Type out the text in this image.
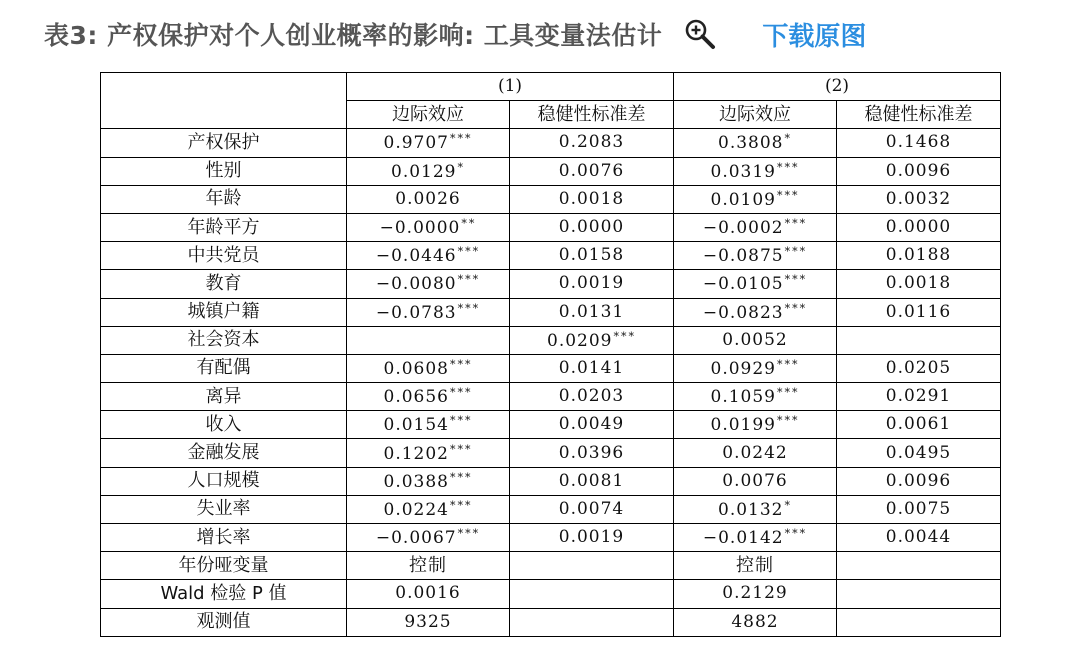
表3: 产权保护对个人创业概率的影响: 工具变量法估计	下载原图
	(1)		(2)	
	边际效应	稳健性标准差	边际效应	稳健性标准差
产权保护	0.9707***	0.2083	0.3808*	0.1468
性别	0.0129*	0.0076	0.0319***	0.0096
年龄	0.0026	0.0018	0.0109***	0.0032
年龄平方	−0.0000**	0.0000	−0.0002***	0.0000
中共党员	−0.0446***	0.0158	−0.0875***	0.0188
教育	−0.0080***	0.0019	−0.0105***	0.0018
城镇户籍	−0.0783***	0.0131	−0.0823***	0.0116
社会资本		0.0209***	0.0052	
有配偶	0.0608***	0.0141	0.0929***	0.0205
离异	0.0656***	0.0203	0.1059***	0.0291
收入	0.0154***	0.0049	0.0199***	0.0061
金融发展	0.1202***	0.0396	0.0242	0.0495
人口规模	0.0388***	0.0081	0.0076	0.0096
失业率	0.0224***	0.0074	0.0132*	0.0075
增长率	−0.0067***	0.0019	−0.0142***	0.0044
年份哑变量	控制		控制	
Wald 检验 P 值	0.0016		0.2129	
观测值	9325		4882	
